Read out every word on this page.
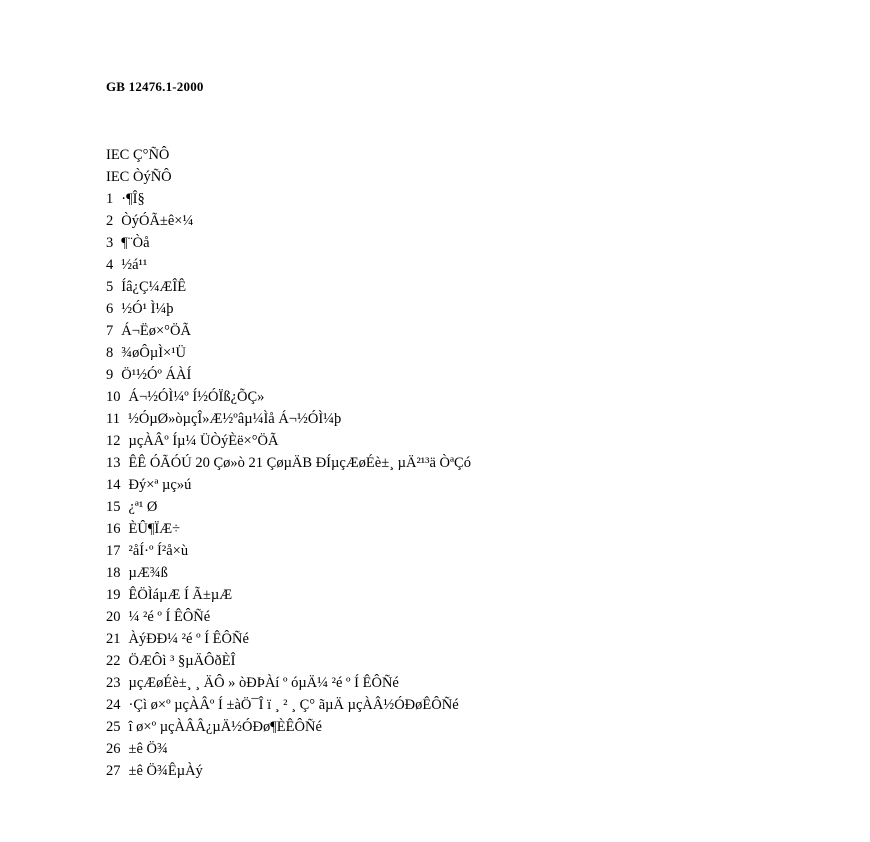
GB 12476.1-2000
IEC Ç°ÑÔ
IEC ÒýÑÔ
1 ·¶Î§
2 ÒýÓÃ±ê×¼
3 ¶¨Òå
4 ½á¹¹
5 Íâ¿Ç¼ÆÎÊ
6 ½Ó¹ Ì¼þ
7 Á¬Ëø×°ÖÃ
8 ¾øÔµÌ×¹Ü
9 Ö¹½Óº ÁÀÍ
10 Á¬½ÓÌ¼º Í½ÓÏß¿ÕÇ»
11 ½ÓµØ»òµçÎ»Æ½ºâµ¼Ìå Á¬½ÓÌ¼þ
12 µçÀÂº Íµ¼ ÜÒýÈë×°ÖÃ
13 ÊÊ ÓÃÓÚ 20 Çø»ò 21 ÇøµÄB ÐÍµçÆøÉè±¸ µÄ²¹³ä ÒªÇó
14 Ðý×ª µç»ú
15 ¿ª¹ Ø
16 ÈÛ¶ÏÆ÷
17 ²åÍ·º Í²å×ù
18 µÆ¾ß
19 ÊÖÌáµÆ Í Ã±µÆ
20 ¼ ²é º Í ÊÔÑé
21 ÀýÐÐ¼ ²é º Í ÊÔÑé
22 ÖÆÔì ³ §µÄÔðÈÎ
23 µçÆøÉè±¸ ¸ ÄÔ » òÐÞÀí º óµÄ¼ ²é º Í ÊÔÑé
24 ·Çì ø×º µçÀÂº Í ±àÖ¯Î ï ¸ ² ¸ Ç° ãµÄ µçÀÂ½ÓÐøÊÔÑé
25 î ø×º µçÀÂÂ¿µÄ½ÓÐø¶ÈÊÔÑé
26 ±ê Ö¾
27 ±ê Ö¾ÊµÀý
